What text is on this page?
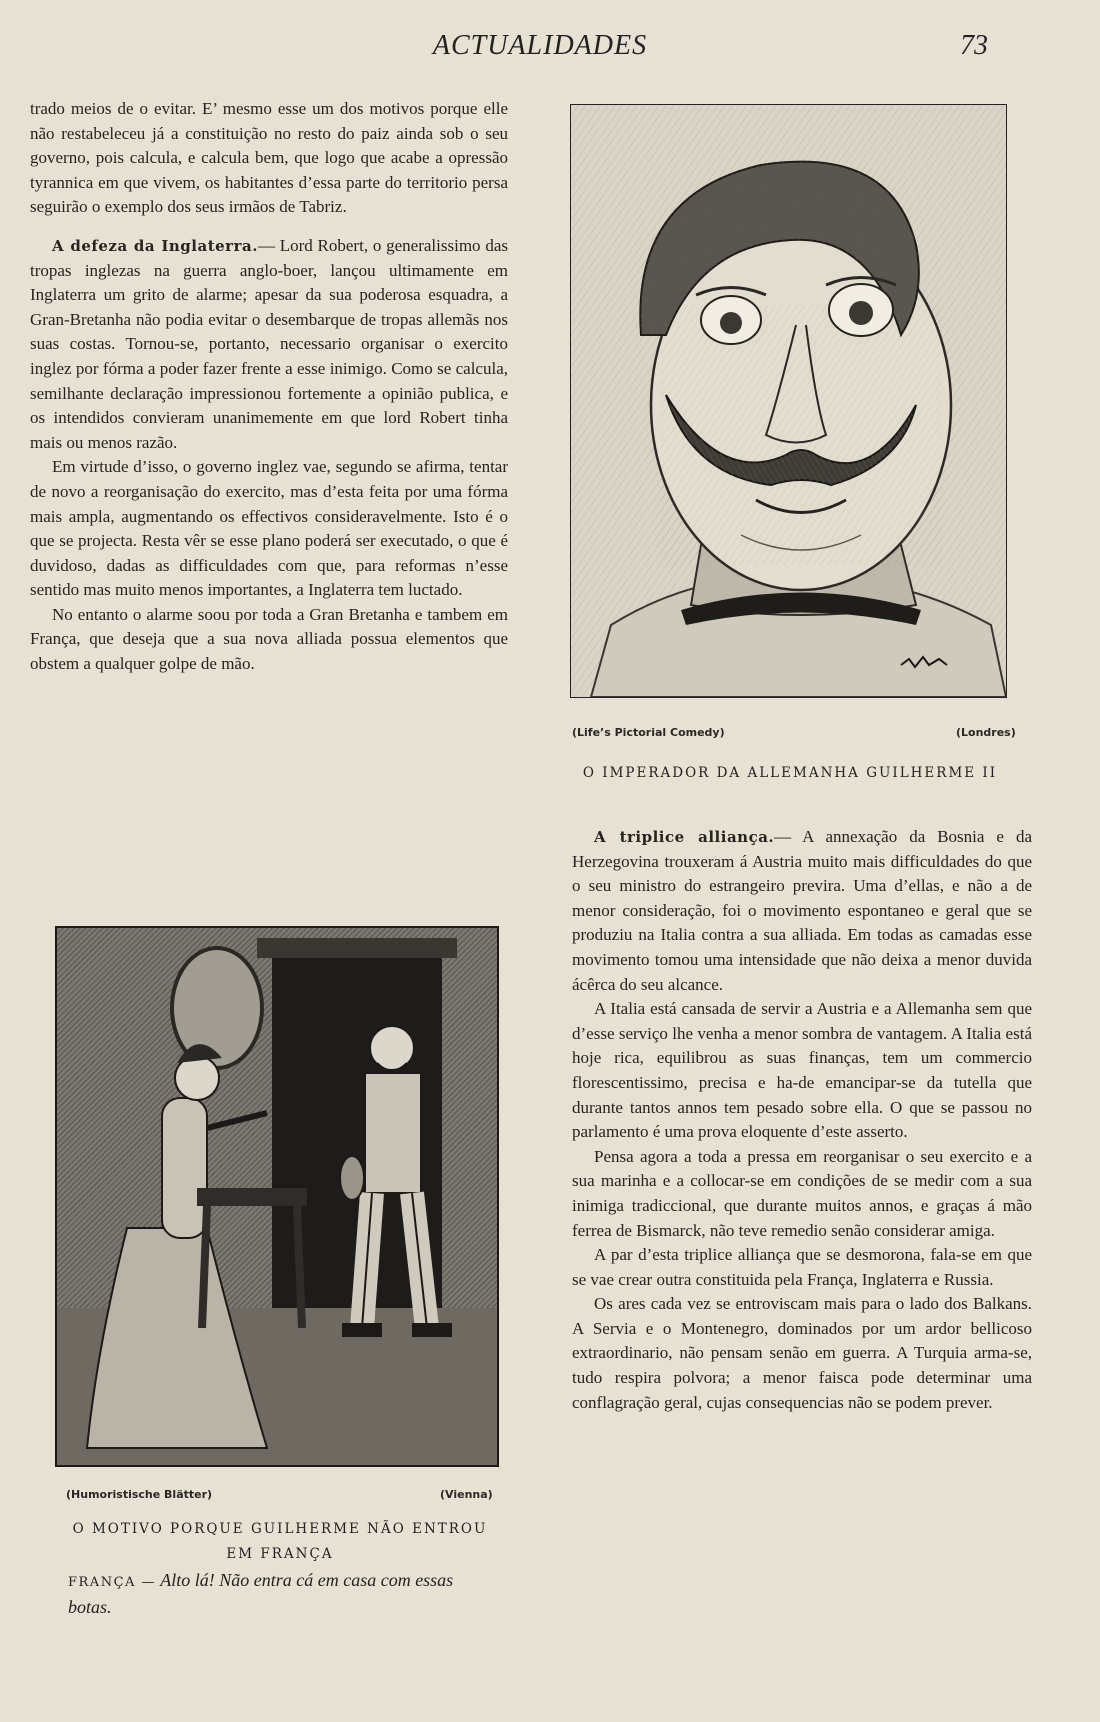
ACTUALIDADES	73

trado meios de o evitar. E’ mesmo esse um dos motivos porque elle não restabeleceu já a constituição no resto do paiz ainda sob o seu governo, pois calcula, e calcula bem, que logo que acabe a opressão tyrannica em que vivem, os habitantes d’essa parte do territorio persa seguirão o exemplo dos seus irmãos de Tabriz.

A defeza da Inglaterra.— Lord Robert, o generalissimo das tropas inglezas na guerra anglo-boer, lançou ultimamente em Inglaterra um grito de alarme; apesar da sua poderosa esquadra, a Gran-Bretanha não podia evitar o desembarque de tropas allemãs nos suas costas. Tornou-se, portanto, necessario organisar o exercito inglez por fórma a poder fazer frente a esse inimigo. Como se calcula, semilhante declaração impressionou fortemente a opinião publica, e os intendidos convieram unanimemente em que lord Robert tinha mais ou menos razão.

Em virtude d’isso, o governo inglez vae, segundo se afirma, tentar de novo a reorganisação do exercito, mas d’esta feita por uma fórma mais ampla, augmentando os effectivos consideravelmente. Isto é o que se projecta. Resta vêr se esse plano poderá ser executado, o que é duvidoso, dadas as difficuldades com que, para reformas n’esse sentido mas muito menos importantes, a Inglaterra tem luctado.

No entanto o alarme soou por toda a Gran Bretanha e tambem em França, que deseja que a sua nova alliada possua elementos que obstem a qualquer golpe de mão.

(Life’s Pictorial Comedy)	(Londres)
O IMPERADOR DA ALLEMANHA GUILHERME II

A triplice alliança.— A annexação da Bosnia e da Herzegovina trouxeram á Austria muito mais difficuldades do que o seu ministro do estrangeiro previra. Uma d’ellas, e não a de menor consideração, foi o movimento espontaneo e geral que se produziu na Italia contra a sua alliada. Em todas as camadas esse movimento tomou uma intensidade que não deixa a menor duvida ácêrca do seu alcance.

A Italia está cansada de servir a Austria e a Allemanha sem que d’esse serviço lhe venha a menor sombra de vantagem. A Italia está hoje rica, equilibrou as suas finanças, tem um commercio florescentissimo, precisa e ha-de emancipar-se da tutella que durante tantos annos tem pesado sobre ella. O que se passou no parlamento é uma prova eloquente d’este asserto.

Pensa agora a toda a pressa em reorganisar o seu exercito e a sua marinha e a collocar-se em condições de se medir com a sua inimiga tradiccional, que durante muitos annos, e graças á mão ferrea de Bismarck, não teve remedio senão considerar amiga.

A par d’esta triplice alliança que se desmorona, fala-se em que se vae crear outra constituida pela França, Inglaterra e Russia.

Os ares cada vez se entroviscam mais para o lado dos Balkans. A Servia e o Montenegro, dominados por um ardor bellicoso extraordinario, não pensam senão em guerra. A Turquia arma-se, tudo respira polvora; a menor faisca pode determinar uma conflagração geral, cujas consequencias não se podem prever.

(Humoristische Blätter)	(Vienna)
O MOTIVO PORQUE GUILHERME NÃO ENTROU
EM FRANÇA
FRANÇA — Alto lá! Não entra cá em casa com essas botas.
